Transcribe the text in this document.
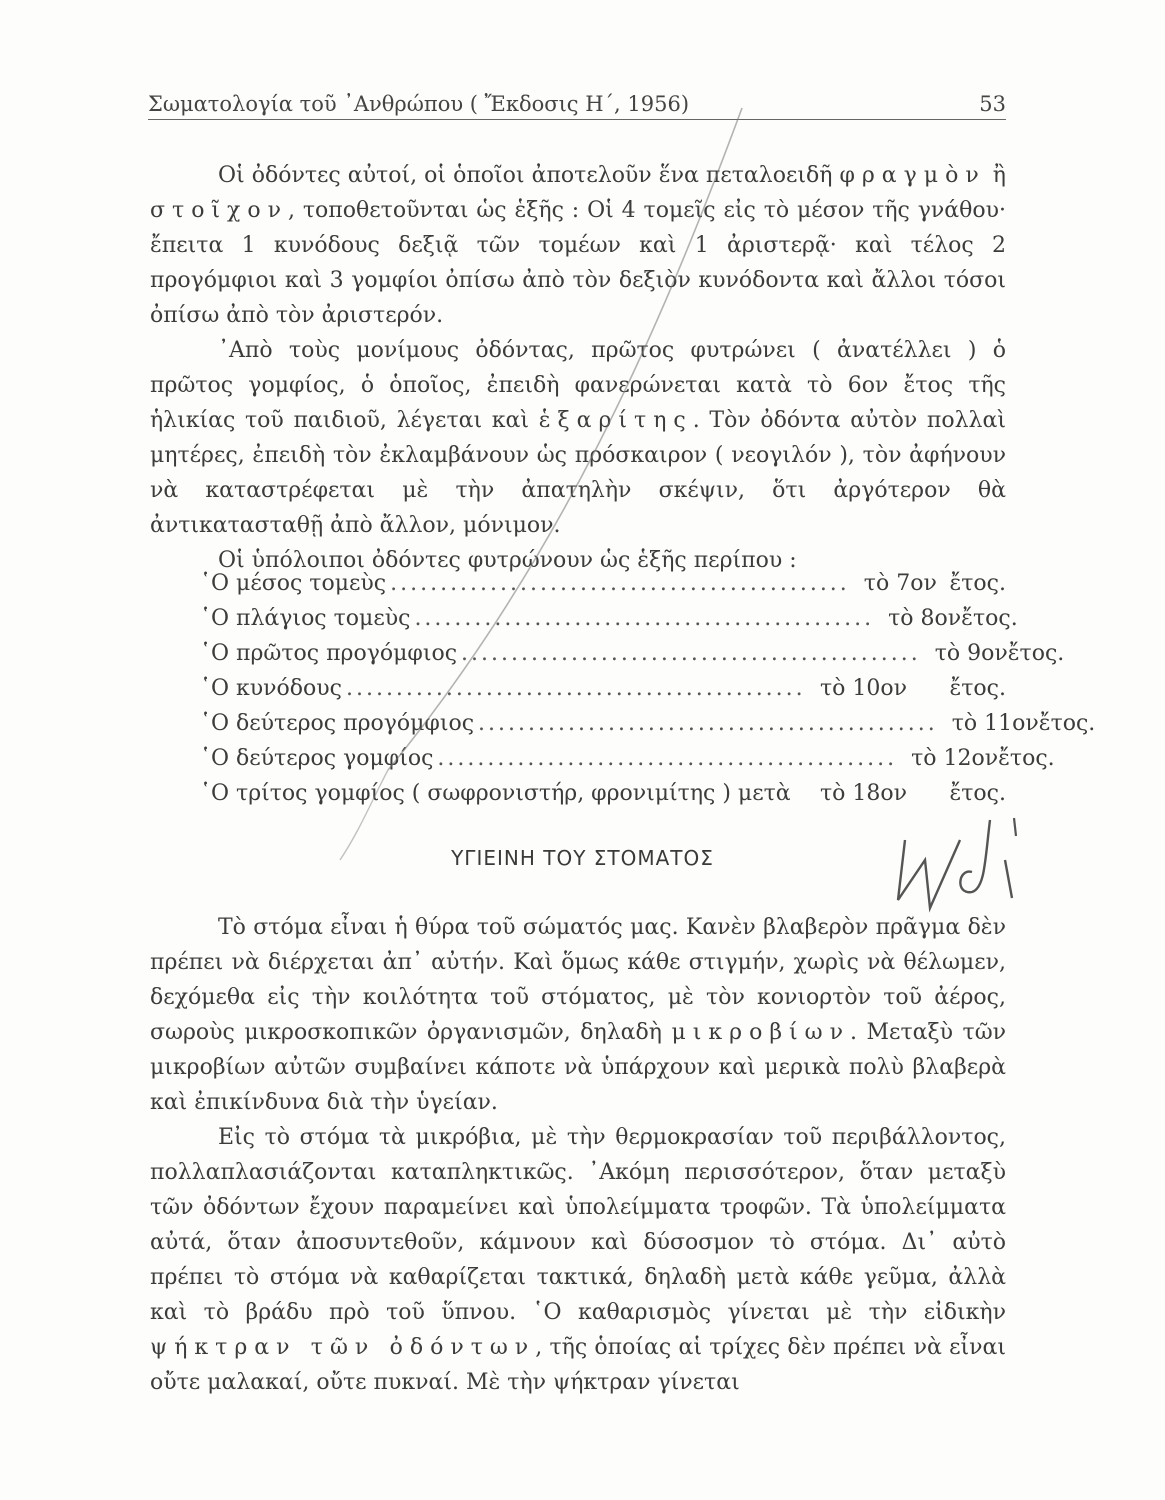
Σωματολογία τοῦ ᾿Ανθρώπου ( Ἔκδοσις Η΄, 1956)	53

Οἱ ὀδόντες αὐτοί, οἱ ὁποῖοι ἀποτελοῦν ἕνα πεταλοειδῆ φραγμὸν ἢ στοῖχον, τοποθετοῦνται ὡς ἑξῆς : Οἱ 4 τομεῖς εἰς τὸ μέσον τῆς γνάθου· ἔπειτα 1 κυνόδους δεξιᾷ τῶν τομέων καὶ 1 ἀριστερᾷ· καὶ τέλος 2 προγόμφιοι καὶ 3 γομφίοι ὀπίσω ἀπὸ τὸν δεξιὸν κυνόδοντα καὶ ἄλλοι τόσοι ὀπίσω ἀπὸ τὸν ἀριστερόν.

᾿Απὸ τοὺς μονίμους ὀδόντας, πρῶτος φυτρώνει ( ἀνατέλλει ) ὁ πρῶτος γομφίος, ὁ ὁποῖος, ἐπειδὴ φανερώνεται κατὰ τὸ 6ον ἔτος τῆς ἡλικίας τοῦ παιδιοῦ, λέγεται καὶ ἑξαρίτης. Τὸν ὀδόντα αὐτὸν πολλαὶ μητέρες, ἐπειδὴ τὸν ἐκλαμβάνουν ὡς πρόσκαιρον ( νεογιλόν ), τὸν ἀφήνουν νὰ καταστρέφεται μὲ τὴν ἀπατηλὴν σκέψιν, ὅτι ἀργότερον θὰ ἀντικατασταθῇ ἀπὸ ἄλλον, μόνιμον.

Οἱ ὑπόλοιποι ὀδόντες φυτρώνουν ὡς ἑξῆς περίπου :

῾Ο μέσος τομεὺς .............................................. τὸ 7ον ἔτος.
῾Ο πλάγιος τομεὺς .............................................. τὸ 8ον ἔτος.
῾Ο πρῶτος προγόμφιος .............................................. τὸ 9ον ἔτος.
῾Ο κυνόδους .............................................. τὸ 10ον	ἔτος.
῾Ο δεύτερος προγόμφιος .............................................. τὸ 11ον ἔτος.
῾Ο δεύτερος γομφίος .............................................. τὸ 12ον ἔτος.
῾Ο τρίτος γομφίος ( σωφρονιστήρ, φρονιμίτης ) μετὰ τὸ 18ον	ἔτος.
ΥΓΙΕΙΝΗ ΤΟΥ ΣΤΟΜΑΤΟΣ

Τὸ στόμα εἶναι ἡ θύρα τοῦ σώματός μας. Κανὲν βλαβερὸν πρᾶγμα δὲν πρέπει νὰ διέρχεται ἀπ᾿ αὐτήν. Καὶ ὅμως κάθε στιγμήν, χωρὶς νὰ θέλωμεν, δεχόμεθα εἰς τὴν κοιλότητα τοῦ στόματος, μὲ τὸν κονιορτὸν τοῦ ἀέρος, σωροὺς μικροσκοπικῶν ὀργανισμῶν, δηλαδὴ μικροβίων. Μεταξὺ τῶν μικροβίων αὐτῶν συμβαίνει κάποτε νὰ ὑπάρχουν καὶ μερικὰ πολὺ βλαβερὰ καὶ ἐπικίνδυνα διὰ τὴν ὑγείαν.

Εἰς τὸ στόμα τὰ μικρόβια, μὲ τὴν θερμοκρασίαν τοῦ περιβάλλοντος, πολλαπλασιάζονται καταπληκτικῶς. ᾿Ακόμη περισσότερον, ὅταν μεταξὺ τῶν ὀδόντων ἔχουν παραμείνει καὶ ὑπολείμματα τροφῶν. Τὰ ὑπολείμματα αὐτά, ὅταν ἀποσυντεθοῦν, κάμνουν καὶ δύσοσμον τὸ στόμα. Δι᾿ αὐτὸ πρέπει τὸ στόμα νὰ καθαρίζεται τακτικά, δηλαδὴ μετὰ κάθε γεῦμα, ἀλλὰ καὶ τὸ βράδυ πρὸ τοῦ ὕπνου. ῾Ο καθαρισμὸς γίνεται μὲ τὴν εἰδικὴν ψήκτραν τῶν ὀδόντων, τῆς ὁποίας αἱ τρίχες δὲν πρέπει νὰ εἶναι οὔτε μαλακαί, οὔτε πυκναί. Μὲ τὴν ψήκτραν γίνεται
